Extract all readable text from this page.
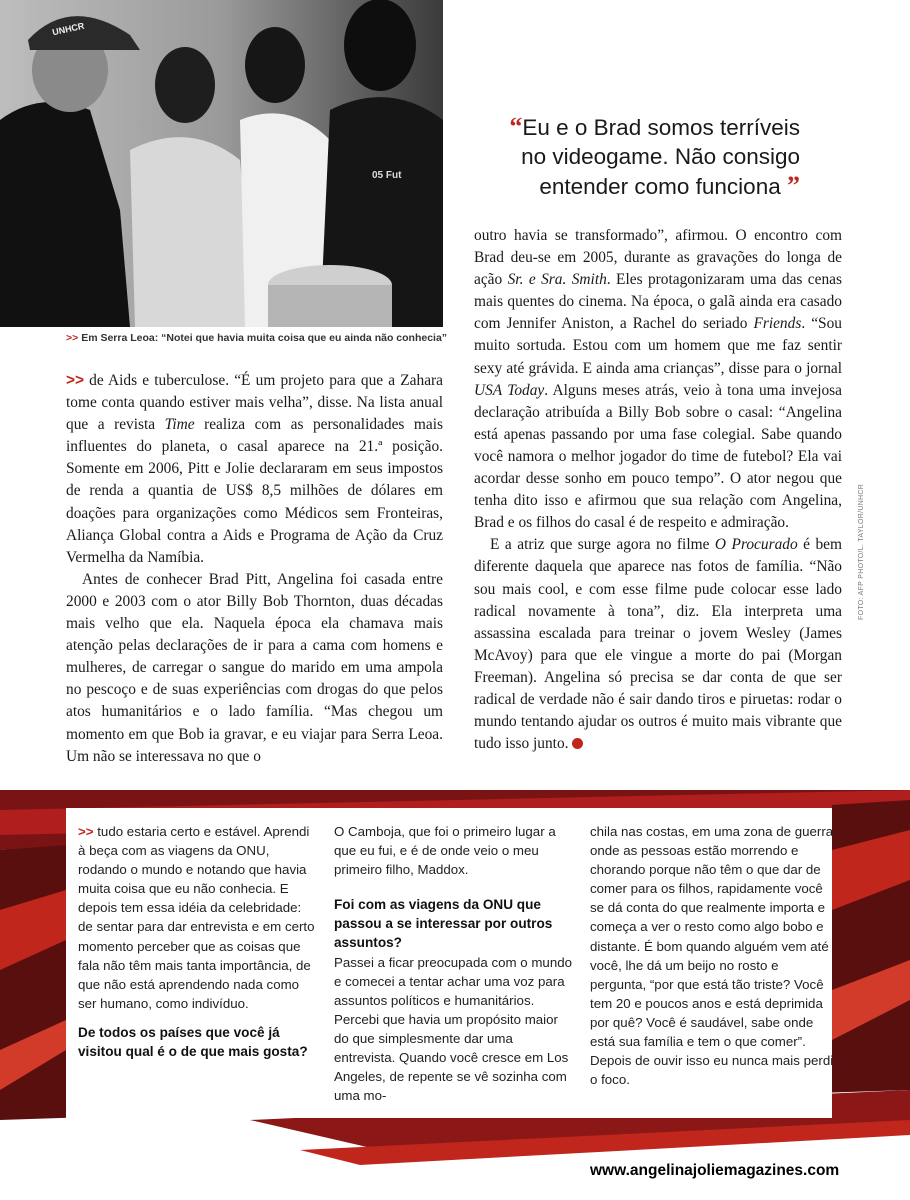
UNHCR
05 Fut
>> Em Serra Leoa: “Notei que havia muita coisa que eu ainda não conhecia”
“Eu e o Brad somos terríveis
no videogame. Não consigo
entender como funciona ”

>> de Aids e tuberculose. “É um projeto para que a Zahara tome conta quando estiver mais velha”, disse. Na lista anual que a revista Time realiza com as personalidades mais influentes do planeta, o casal aparece na 21.ª posição. Somente em 2006, Pitt e Jolie declararam em seus impostos de renda a quantia de US$ 8,5 milhões de dólares em doações para organizações como Médicos sem Fronteiras, Aliança Global contra a Aids e Programa de Ação da Cruz Vermelha da Namíbia.

Antes de conhecer Brad Pitt, Angelina foi casada entre 2000 e 2003 com o ator Billy Bob Thornton, duas décadas mais velho que ela. Naquela época ela chamava mais atenção pelas declarações de ir para a cama com homens e mulheres, de carregar o sangue do marido em uma ampola no pescoço e de suas experiências com drogas do que pelos atos humanitários e o lado família. “Mas chegou um momento em que Bob ia gravar, e eu viajar para Serra Leoa. Um não se interessava no que o

outro havia se transformado”, afirmou. O encontro com Brad deu-se em 2005, durante as gravações do longa de ação Sr. e Sra. Smith. Eles protagonizaram uma das cenas mais quentes do cinema. Na época, o galã ainda era casado com Jennifer Aniston, a Rachel do seriado Friends. “Sou muito sortuda. Estou com um homem que me faz sentir sexy até grávida. E ainda ama crianças”, disse para o jornal USA Today. Alguns meses atrás, veio à tona uma invejosa declaração atribuída a Billy Bob sobre o casal: “Angelina está apenas passando por uma fase colegial. Sabe quando você namora o melhor jogador do time de futebol? Ela vai acordar desse sonho em pouco tempo”. O ator negou que tenha dito isso e afirmou que sua relação com Angelina, Brad e os filhos do casal é de respeito e admiração.

E a atriz que surge agora no filme O Procurado é bem diferente daquela que aparece nas fotos de família. “Não sou mais cool, e com esse filme pude colocar esse lado radical novamente à tona”, diz. Ela interpreta uma assassina escalada para treinar o jovem Wesley (James McAvoy) para que ele vingue a morte do pai (Morgan Freeman). Angelina só precisa se dar conta de que ser radical de verdade não é sair dando tiros e piruetas: rodar o mundo tentando ajudar os outros é muito mais vibrante que tudo isso junto.

FOTO: AFP PHOTO/L. TAYLOR/UNHCR

>> tudo estaria certo e estável. Aprendi à beça com as viagens da ONU, rodando o mundo e notando que havia muita coisa que eu não conhecia. E depois tem essa idéia da celebridade: de sentar para dar entrevista e em certo momento perceber que as coisas que fala não têm mais tanta importância, de que não está aprendendo nada como ser humano, como indivíduo.

De todos os países que você já visitou qual é o de que mais gosta?

O Camboja, que foi o primeiro lugar a que eu fui, e é de onde veio o meu primeiro filho, Maddox.

Foi com as viagens da ONU que passou a se interessar por outros assuntos?

Passei a ficar preocupada com o mundo e comecei a tentar achar uma voz para assuntos políticos e humanitários. Percebi que havia um propósito maior do que simplesmente dar uma entrevista. Quando você cresce em Los Angeles, de repente se vê sozinha com uma mo-

chila nas costas, em uma zona de guerra onde as pessoas estão morrendo e chorando porque não têm o que dar de comer para os filhos, rapidamente você se dá conta do que realmente importa e começa a ver o resto como algo bobo e distante. É bom quando alguém vem até você, lhe dá um beijo no rosto e pergunta, “por que está tão triste? Você tem 20 e poucos anos e está deprimida por quê? Você é saudável, sabe onde está sua família e tem o que comer”. Depois de ouvir isso eu nunca mais perdi o foco.

www.angelinajoliemagazines.com
